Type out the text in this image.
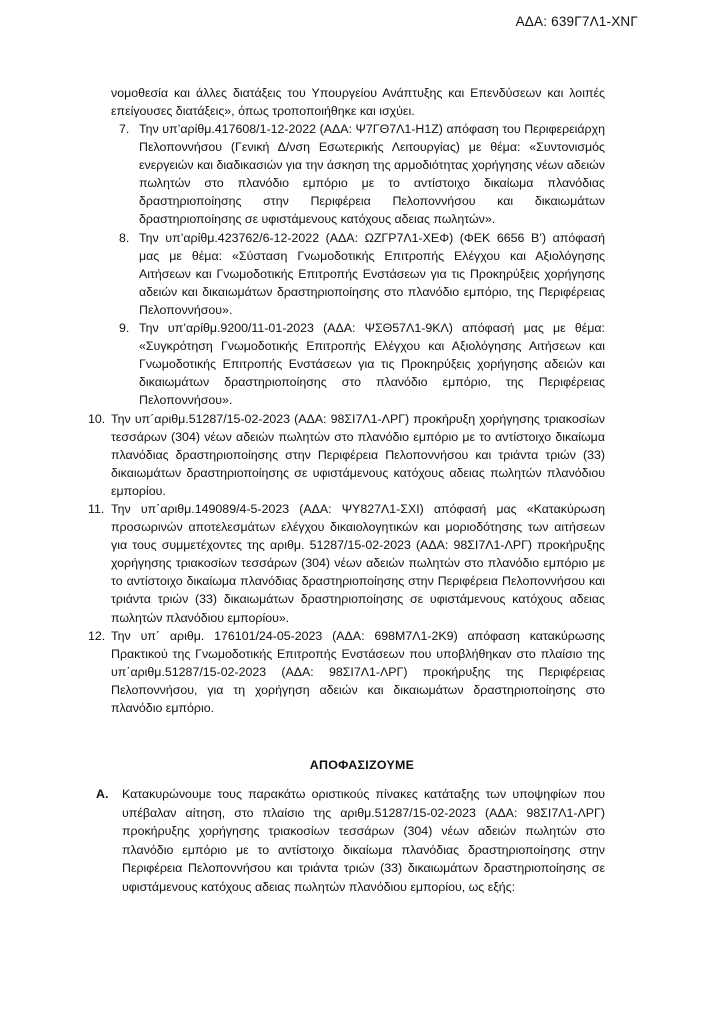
ΑΔΑ: 639Γ7Λ1-ΧΝΓ
νομοθεσία και άλλες διατάξεις του Υπουργείου Ανάπτυξης και Επενδύσεων και λοιπές επείγουσες διατάξεις», όπως τροποποιήθηκε και ισχύει.
7. Την υπ’αρίθμ.417608/1-12-2022 (ΑΔΑ: Ψ7ΓΘ7Λ1-Η1Ζ) απόφαση του Περιφερειάρχη Πελοποννήσου (Γενική Δ/νση Εσωτερικής Λειτουργίας) με θέμα: «Συντονισμός ενεργειών και διαδικασιών για την άσκηση της αρμοδιότητας χορήγησης νέων αδειών πωλητών στο πλανόδιο εμπόριο με το αντίστοιχο δικαίωμα πλανόδιας δραστηριοποίησης στην Περιφέρεια Πελοποννήσου και δικαιωμάτων δραστηριοποίησης σε υφιστάμενους κατόχους αδειας πωλητών».
8. Την υπ’αρίθμ.423762/6-12-2022 (ΑΔΑ: ΩΖΓΡ7Λ1-ΧΕΦ) (ΦΕΚ 6656 Β’) απόφασή μας με θέμα: «Σύσταση Γνωμοδοτικής Επιτροπής Ελέγχου και Αξιολόγησης Αιτήσεων και Γνωμοδοτικής Επιτροπής Ενστάσεων για τις Προκηρύξεις χορήγησης αδειών και δικαιωμάτων δραστηριοποίησης στο πλανόδιο εμπόριο, της Περιφέρειας Πελοποννήσου».
9. Την υπ’αρίθμ.9200/11-01-2023 (ΑΔΑ: ΨΣΘ57Λ1-9ΚΛ) απόφασή μας με θέμα: «Συγκρότηση Γνωμοδοτικής Επιτροπής Ελέγχου και Αξιολόγησης Αιτήσεων και Γνωμοδοτικής Επιτροπής Ενστάσεων για τις Προκηρύξεις χορήγησης αδειών και δικαιωμάτων δραστηριοποίησης στο πλανόδιο εμπόριο, της Περιφέρειας Πελοποννήσου».
10. Την υπ΄αριθμ.51287/15-02-2023 (ΑΔΑ: 98ΣΙ7Λ1-ΛΡΓ) προκήρυξη χορήγησης τριακοσίων τεσσάρων (304) νέων αδειών πωλητών στο πλανόδιο εμπόριο με το αντίστοιχο δικαίωμα πλανόδιας δραστηριοποίησης στην Περιφέρεια Πελοποννήσου και τριάντα τριών (33) δικαιωμάτων δραστηριοποίησης σε υφιστάμενους κατόχους αδειας πωλητών πλανόδιου εμπορίου.
11. Την υπ΄αριθμ.149089/4-5-2023 (ΑΔΑ: ΨΥ827Λ1-ΣΧΙ) απόφασή μας «Κατακύρωση προσωρινών αποτελεσμάτων ελέγχου δικαιολογητικών και μοριοδότησης των αιτήσεων για τους συμμετέχοντες της αριθμ. 51287/15-02-2023 (ΑΔΑ: 98ΣΙ7Λ1-ΛΡΓ) προκήρυξης χορήγησης τριακοσίων τεσσάρων (304) νέων αδειών πωλητών στο πλανόδιο εμπόριο με το αντίστοιχο δικαίωμα πλανόδιας δραστηριοποίησης στην Περιφέρεια Πελοποννήσου και τριάντα τριών (33) δικαιωμάτων δραστηριοποίησης σε υφιστάμενους κατόχους αδειας πωλητών πλανόδιου εμπορίου».
12. Την υπ΄ αριθμ. 176101/24-05-2023 (ΑΔΑ: 698Μ7Λ1-2Κ9) απόφαση κατακύρωσης Πρακτικού της Γνωμοδοτικής Επιτροπής Ενστάσεων που υποβλήθηκαν στο πλαίσιο της υπ΄αριθμ.51287/15-02-2023 (ΑΔΑ: 98ΣΙ7Λ1-ΛΡΓ) προκήρυξης της Περιφέρειας Πελοποννήσου, για τη χορήγηση αδειών και δικαιωμάτων δραστηριοποίησης στο πλανόδιο εμπόριο.
ΑΠΟΦΑΣΙΖΟΥΜΕ
Α. Κατακυρώνουμε τους παρακάτω οριστικούς πίνακες κατάταξης των υποψηφίων που υπέβαλαν αίτηση, στο πλαίσιο της αριθμ.51287/15-02-2023 (ΑΔΑ: 98ΣΙ7Λ1-ΛΡΓ) προκήρυξης χορήγησης τριακοσίων τεσσάρων (304) νέων αδειών πωλητών στο πλανόδιο εμπόριο με το αντίστοιχο δικαίωμα πλανόδιας δραστηριοποίησης στην Περιφέρεια Πελοποννήσου και τριάντα τριών (33) δικαιωμάτων δραστηριοποίησης σε υφιστάμενους κατόχους αδειας πωλητών πλανόδιου εμπορίου, ως εξής:
